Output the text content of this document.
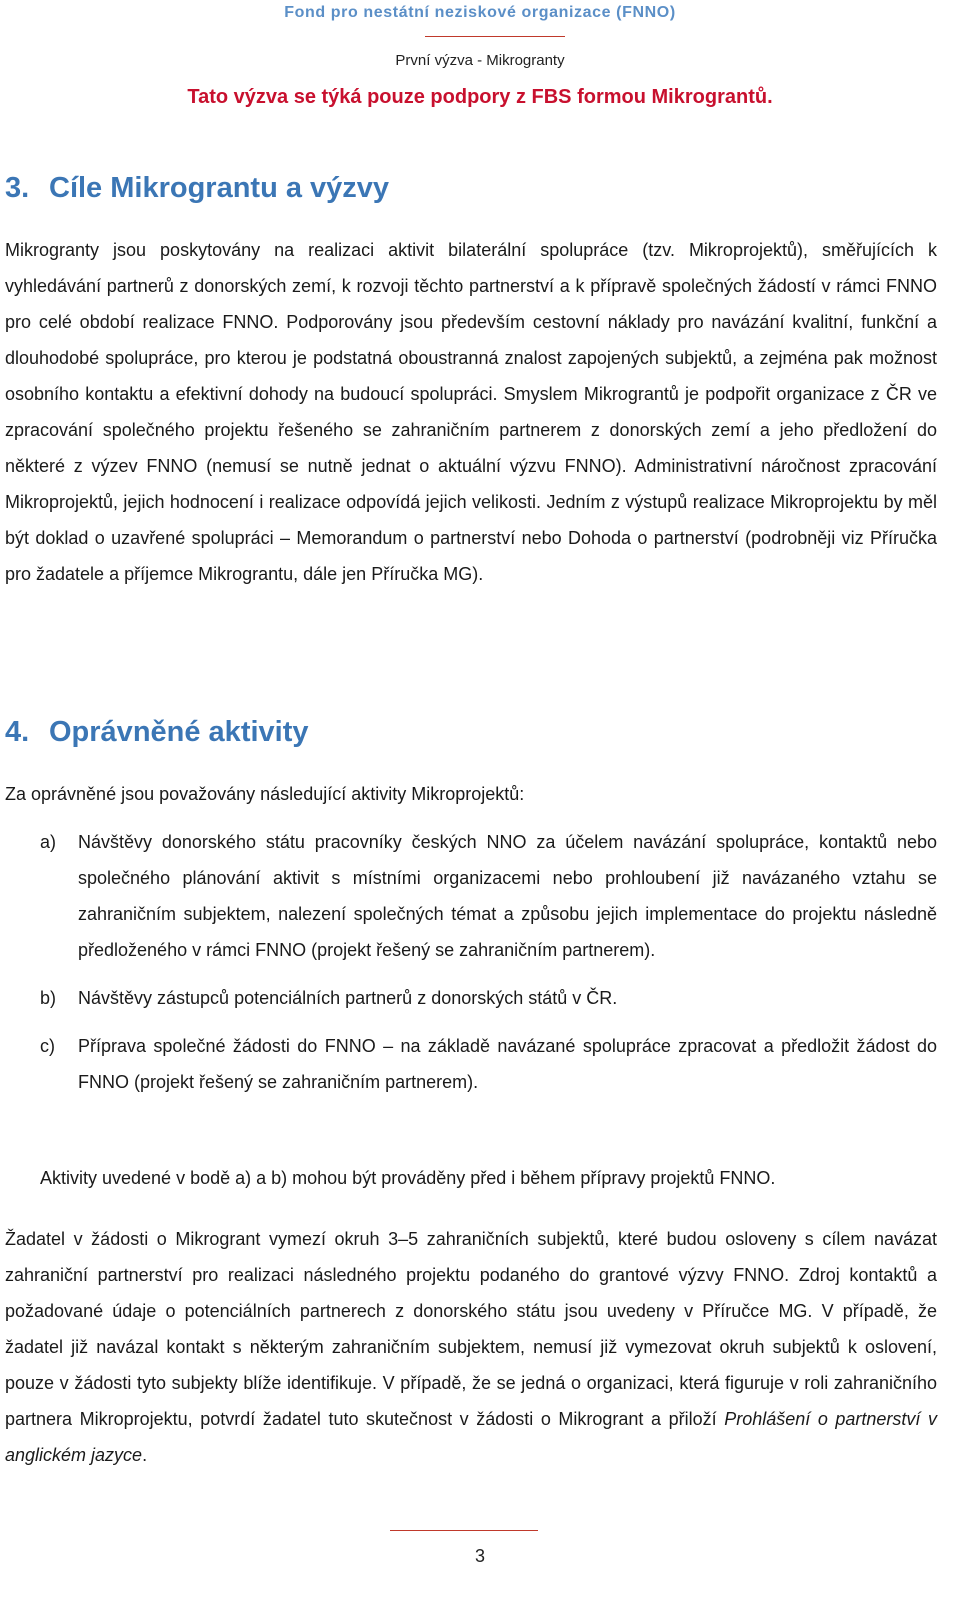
Fond pro nestátní neziskové organizace (FNNO)
První výzva - Mikrogranty
Tato výzva se týká pouze podpory z FBS formou Mikrograntů.
3. Cíle Mikrograntu a výzvy

Mikrogranty jsou poskytovány na realizaci aktivit bilaterální spolupráce (tzv. Mikroprojektů), směřujících k vyhledávání partnerů z donorských zemí, k rozvoji těchto partnerství a k přípravě společných žádostí v rámci FNNO pro celé období realizace FNNO. Podporovány jsou především cestovní náklady pro navázání kvalitní, funkční a dlouhodobé spolupráce, pro kterou je podstatná oboustranná znalost zapojených subjektů, a zejména pak možnost osobního kontaktu a efektivní dohody na budoucí spolupráci. Smyslem Mikrograntů je podpořit organizace z ČR ve zpracování společného projektu řešeného se zahraničním partnerem z donorských zemí a jeho předložení do některé z výzev FNNO (nemusí se nutně jednat o aktuální výzvu FNNO). Administrativní náročnost zpracování Mikroprojektů, jejich hodnocení i realizace odpovídá jejich velikosti. Jedním z výstupů realizace Mikroprojektu by měl být doklad o uzavřené spolupráci – Memorandum o partnerství nebo Dohoda o partnerství (podrobněji viz Příručka pro žadatele a příjemce Mikrograntu, dále jen Příručka MG).

4. Oprávněné aktivity

Za oprávněné jsou považovány následující aktivity Mikroprojektů:

a) Návštěvy donorského státu pracovníky českých NNO za účelem navázání spolupráce, kontaktů nebo společného plánování aktivit s místními organizacemi nebo prohloubení již navázaného vztahu se zahraničním subjektem, nalezení společných témat a způsobu jejich implementace do projektu následně předloženého v rámci FNNO (projekt řešený se zahraničním partnerem).
b) Návštěvy zástupců potenciálních partnerů z donorských států v ČR.
c) Příprava společné žádosti do FNNO – na základě navázané spolupráce zpracovat a předložit žádost do FNNO (projekt řešený se zahraničním partnerem).

Aktivity uvedené v bodě a) a b) mohou být prováděny před i během přípravy projektů FNNO.

Žadatel v žádosti o Mikrogrant vymezí okruh 3–5 zahraničních subjektů, které budou osloveny s cílem navázat zahraniční partnerství pro realizaci následného projektu podaného do grantové výzvy FNNO. Zdroj kontaktů a požadované údaje o potenciálních partnerech z donorského státu jsou uvedeny v Příručce MG. V případě, že žadatel již navázal kontakt s některým zahraničním subjektem, nemusí již vymezovat okruh subjektů k oslovení, pouze v žádosti tyto subjekty blíže identifikuje. V případě, že se jedná o organizaci, která figuruje v roli zahraničního partnera Mikroprojektu, potvrdí žadatel tuto skutečnost v žádosti o Mikrogrant a přiloží Prohlášení o partnerství v anglickém jazyce.

3
